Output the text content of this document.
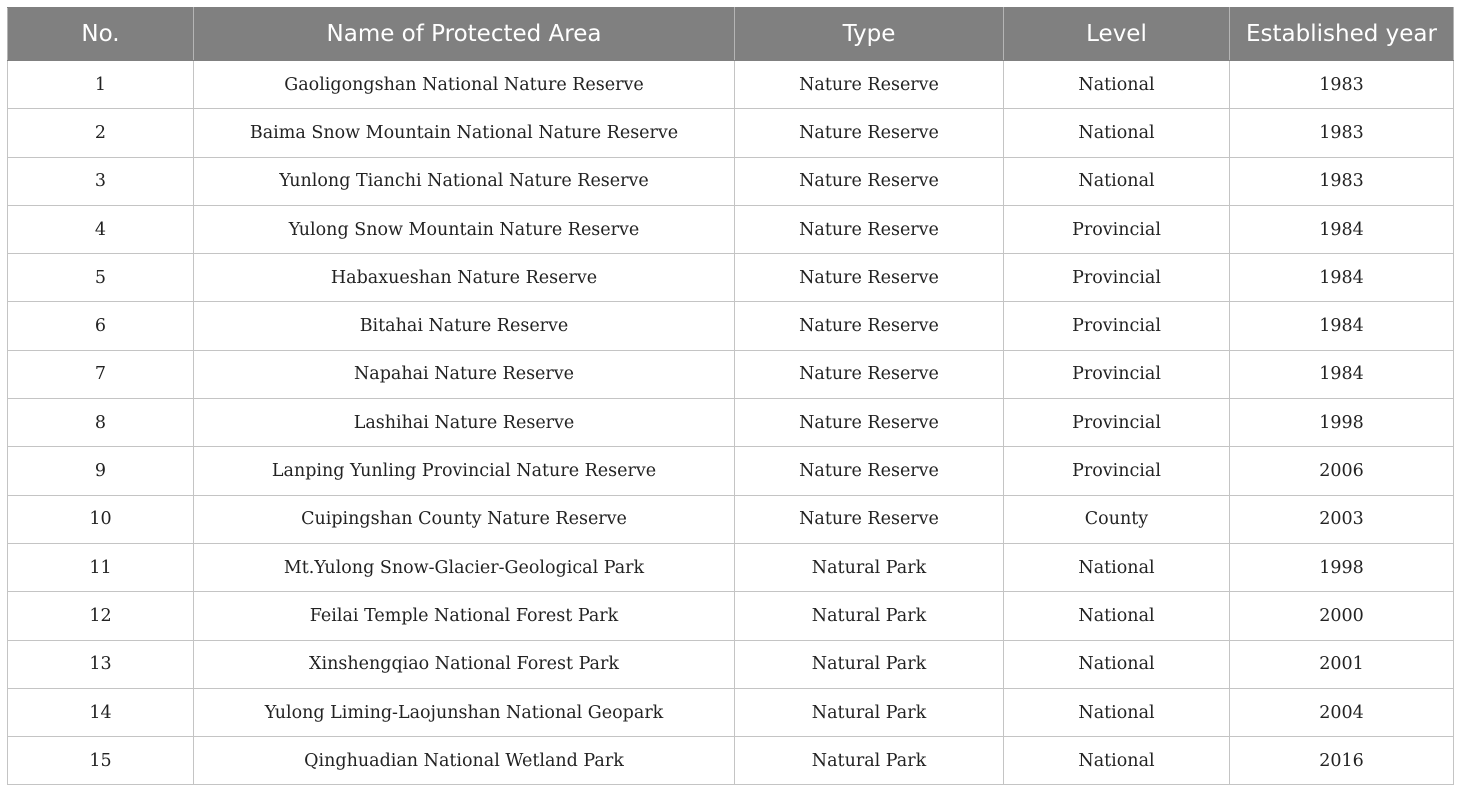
No.	Name of Protected Area	Type	Level	Established year
1	Gaoligongshan National Nature Reserve	Nature Reserve	National	1983
2	Baima Snow Mountain National Nature Reserve	Nature Reserve	National	1983
3	Yunlong Tianchi National Nature Reserve	Nature Reserve	National	1983
4	Yulong Snow Mountain Nature Reserve	Nature Reserve	Provincial	1984
5	Habaxueshan Nature Reserve	Nature Reserve	Provincial	1984
6	Bitahai Nature Reserve	Nature Reserve	Provincial	1984
7	Napahai Nature Reserve	Nature Reserve	Provincial	1984
8	Lashihai Nature Reserve	Nature Reserve	Provincial	1998
9	Lanping Yunling Provincial Nature Reserve	Nature Reserve	Provincial	2006
10	Cuipingshan County Nature Reserve	Nature Reserve	County	2003
11	Mt.Yulong Snow-Glacier-Geological Park	Natural Park	National	1998
12	Feilai Temple National Forest Park	Natural Park	National	2000
13	Xinshengqiao National Forest Park	Natural Park	National	2001
14	Yulong Liming-Laojunshan National Geopark	Natural Park	National	2004
15	Qinghuadian National Wetland Park	Natural Park	National	2016
